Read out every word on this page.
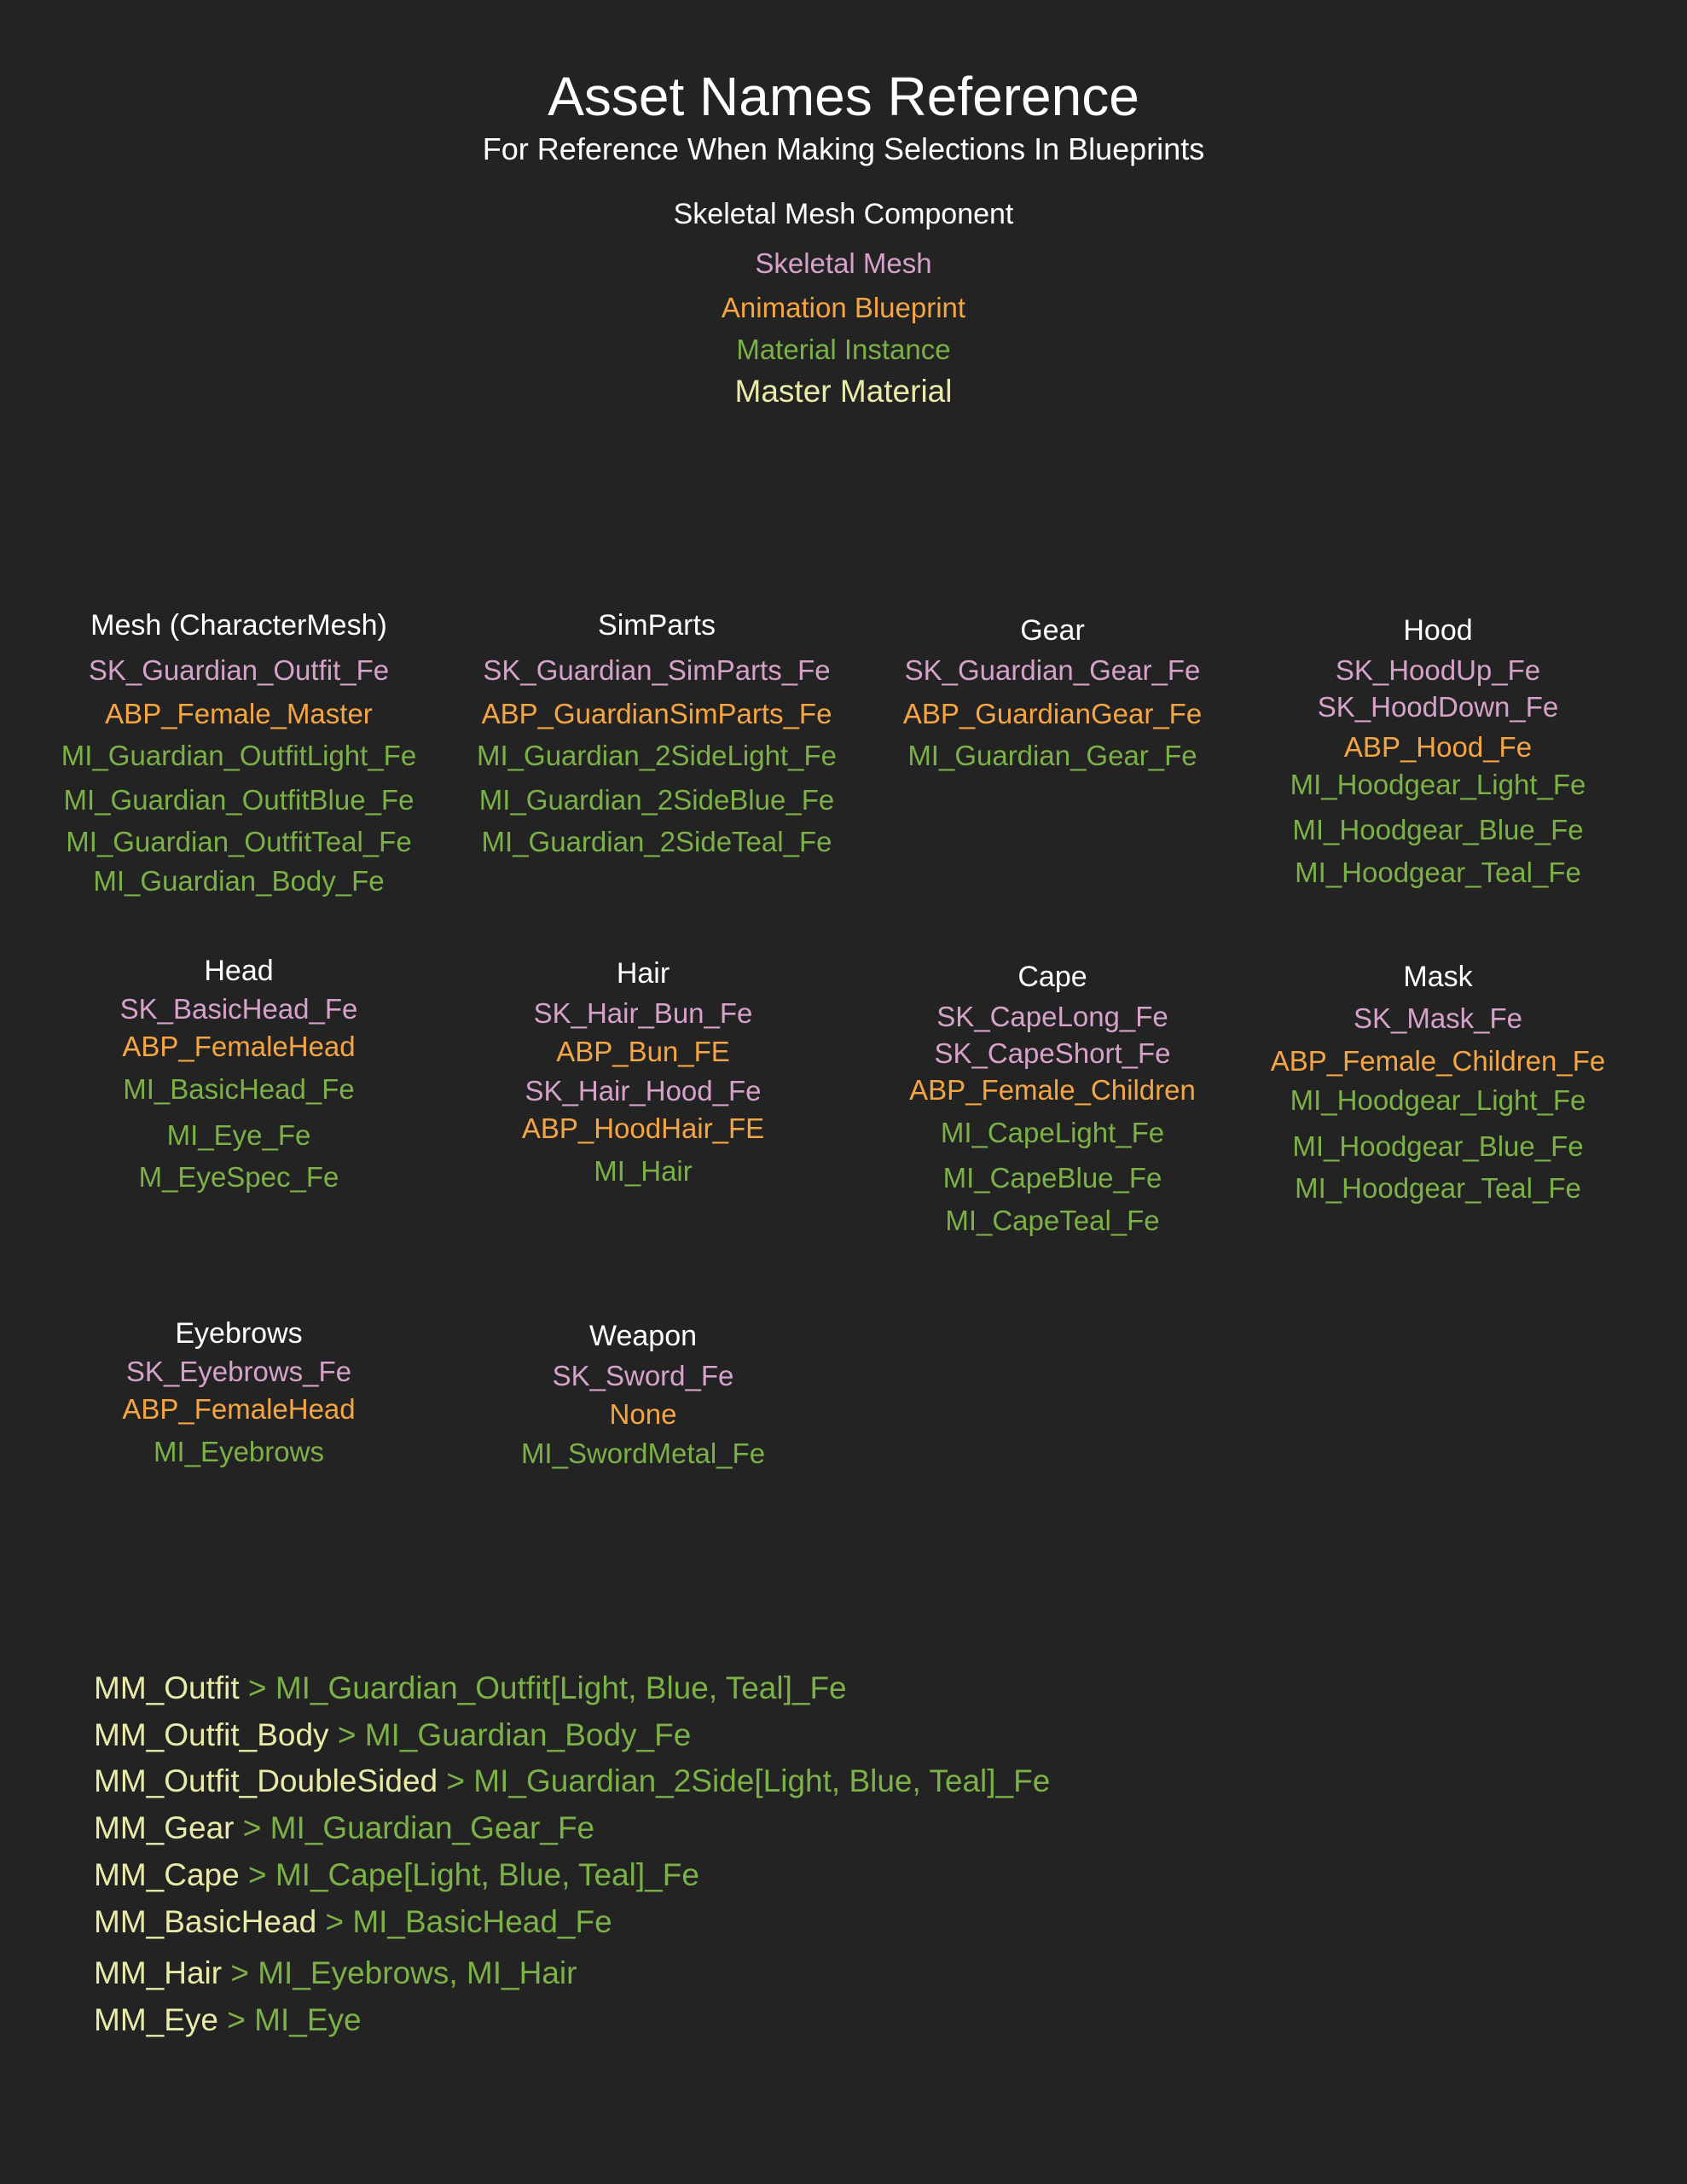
Asset Names Reference
For Reference When Making Selections In Blueprints
Skeletal Mesh Component
Skeletal Mesh
Animation Blueprint
Material Instance
Master Material
Mesh (CharacterMesh)
SK_Guardian_Outfit_Fe
ABP_Female_Master
MI_Guardian_OutfitLight_Fe
MI_Guardian_OutfitBlue_Fe
MI_Guardian_OutfitTeal_Fe
MI_Guardian_Body_Fe
SimParts
SK_Guardian_SimParts_Fe
ABP_GuardianSimParts_Fe
MI_Guardian_2SideLight_Fe
MI_Guardian_2SideBlue_Fe
MI_Guardian_2SideTeal_Fe
Gear
SK_Guardian_Gear_Fe
ABP_GuardianGear_Fe
MI_Guardian_Gear_Fe
Hood
SK_HoodUp_Fe
SK_HoodDown_Fe
ABP_Hood_Fe
MI_Hoodgear_Light_Fe
MI_Hoodgear_Blue_Fe
MI_Hoodgear_Teal_Fe
Head
SK_BasicHead_Fe
ABP_FemaleHead
MI_BasicHead_Fe
MI_Eye_Fe
M_EyeSpec_Fe
Hair
SK_Hair_Bun_Fe
ABP_Bun_FE
SK_Hair_Hood_Fe
ABP_HoodHair_FE
MI_Hair
Cape
SK_CapeLong_Fe
SK_CapeShort_Fe
ABP_Female_Children
MI_CapeLight_Fe
MI_CapeBlue_Fe
MI_CapeTeal_Fe
Mask
SK_Mask_Fe
ABP_Female_Children_Fe
MI_Hoodgear_Light_Fe
MI_Hoodgear_Blue_Fe
MI_Hoodgear_Teal_Fe
Eyebrows
SK_Eyebrows_Fe
ABP_FemaleHead
MI_Eyebrows
Weapon
SK_Sword_Fe
None
MI_SwordMetal_Fe
MM_Outfit > MI_Guardian_Outfit[Light, Blue, Teal]_Fe
MM_Outfit_Body > MI_Guardian_Body_Fe
MM_Outfit_DoubleSided > MI_Guardian_2Side[Light, Blue, Teal]_Fe
MM_Gear > MI_Guardian_Gear_Fe
MM_Cape > MI_Cape[Light, Blue, Teal]_Fe
MM_BasicHead > MI_BasicHead_Fe
MM_Hair > MI_Eyebrows, MI_Hair
MM_Eye > MI_Eye
